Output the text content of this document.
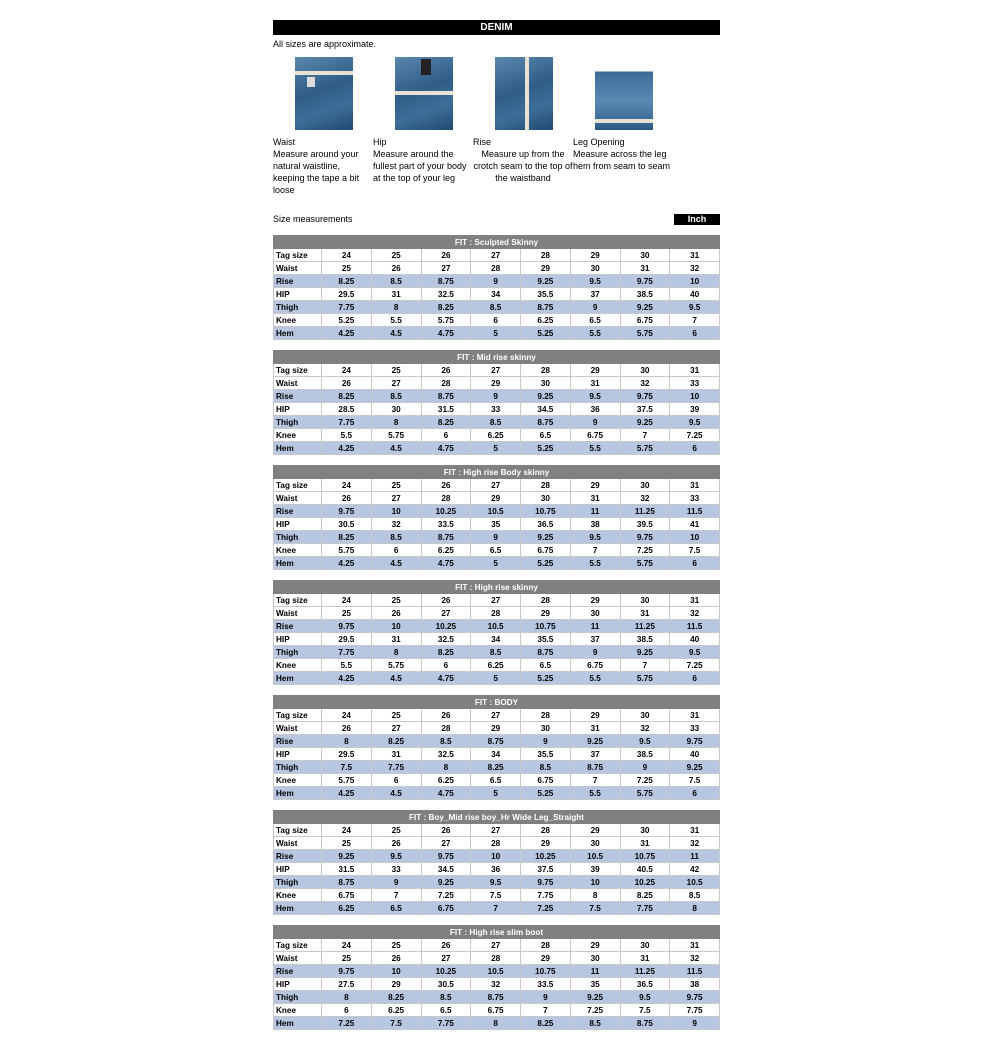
DENIM
All sizes are approximate.
Waist
Measure around your natural waistline, keeping the tape a bit loose
Hip
Measure around the fullest part of your body at the top of your leg
Rise
Measure up from the crotch seam to the top of the waistband
Leg Opening
Measure across the leg hem from seam to seam
Size measurements	Inch
FIT : Sculpted Skinny								
Tag size	24	25	26	27	28	29	30	31
Waist	25	26	27	28	29	30	31	32
Rise	8.25	8.5	8.75	9	9.25	9.5	9.75	10
HIP	29.5	31	32.5	34	35.5	37	38.5	40
Thigh	7.75	8	8.25	8.5	8.75	9	9.25	9.5
Knee	5.25	5.5	5.75	6	6.25	6.5	6.75	7
Hem	4.25	4.5	4.75	5	5.25	5.5	5.75	6
FIT : Mid rise skinny								
Tag size	24	25	26	27	28	29	30	31
Waist	26	27	28	29	30	31	32	33
Rise	8.25	8.5	8.75	9	9.25	9.5	9.75	10
HIP	28.5	30	31.5	33	34.5	36	37.5	39
Thigh	7.75	8	8.25	8.5	8.75	9	9.25	9.5
Knee	5.5	5.75	6	6.25	6.5	6.75	7	7.25
Hem	4.25	4.5	4.75	5	5.25	5.5	5.75	6
FIT : High rise Body skinny								
Tag size	24	25	26	27	28	29	30	31
Waist	26	27	28	29	30	31	32	33
Rise	9.75	10	10.25	10.5	10.75	11	11.25	11.5
HIP	30.5	32	33.5	35	36.5	38	39.5	41
Thigh	8.25	8.5	8.75	9	9.25	9.5	9.75	10
Knee	5.75	6	6.25	6.5	6.75	7	7.25	7.5
Hem	4.25	4.5	4.75	5	5.25	5.5	5.75	6
FIT : High rise skinny								
Tag size	24	25	26	27	28	29	30	31
Waist	25	26	27	28	29	30	31	32
Rise	9.75	10	10.25	10.5	10.75	11	11.25	11.5
HIP	29.5	31	32.5	34	35.5	37	38.5	40
Thigh	7.75	8	8.25	8.5	8.75	9	9.25	9.5
Knee	5.5	5.75	6	6.25	6.5	6.75	7	7.25
Hem	4.25	4.5	4.75	5	5.25	5.5	5.75	6
FIT : BODY								
Tag size	24	25	26	27	28	29	30	31
Waist	26	27	28	29	30	31	32	33
Rise	8	8.25	8.5	8.75	9	9.25	9.5	9.75
HIP	29.5	31	32.5	34	35.5	37	38.5	40
Thigh	7.5	7.75	8	8.25	8.5	8.75	9	9.25
Knee	5.75	6	6.25	6.5	6.75	7	7.25	7.5
Hem	4.25	4.5	4.75	5	5.25	5.5	5.75	6
FIT : Boy_Mid rise boy_Hr Wide Leg_Straight								
Tag size	24	25	26	27	28	29	30	31
Waist	25	26	27	28	29	30	31	32
Rise	9.25	9.5	9.75	10	10.25	10.5	10.75	11
HIP	31.5	33	34.5	36	37.5	39	40.5	42
Thigh	8.75	9	9.25	9.5	9.75	10	10.25	10.5
Knee	6.75	7	7.25	7.5	7.75	8	8.25	8.5
Hem	6.25	6.5	6.75	7	7.25	7.5	7.75	8
FIT : High rise slim boot								
Tag size	24	25	26	27	28	29	30	31
Waist	25	26	27	28	29	30	31	32
Rise	9.75	10	10.25	10.5	10.75	11	11.25	11.5
HIP	27.5	29	30.5	32	33.5	35	36.5	38
Thigh	8	8.25	8.5	8.75	9	9.25	9.5	9.75
Knee	6	6.25	6.5	6.75	7	7.25	7.5	7.75
Hem	7.25	7.5	7.75	8	8.25	8.5	8.75	9
